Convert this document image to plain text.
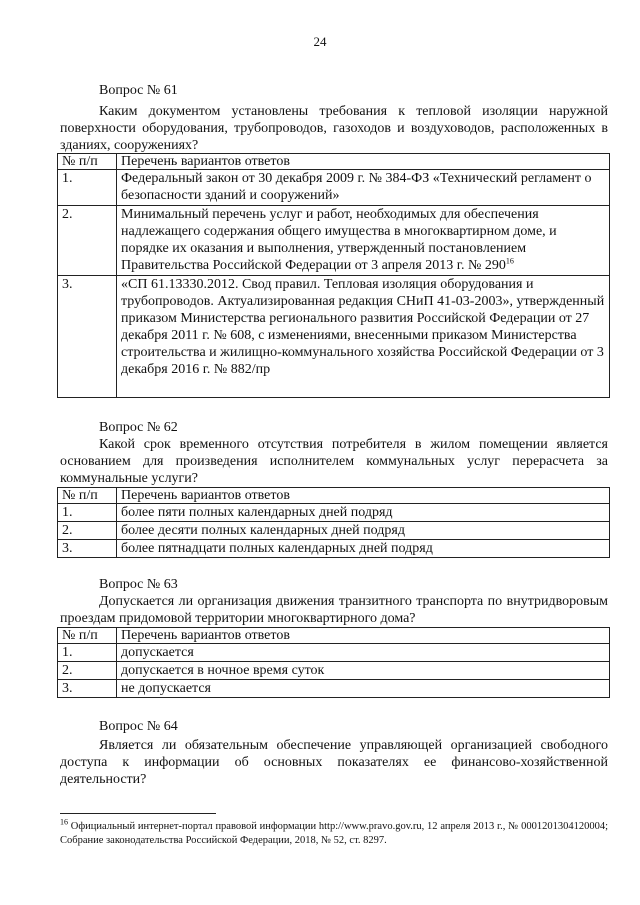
24
Вопрос № 61
Каким документом установлены требования к тепловой изоляции наружной поверхности оборудования, трубопроводов, газоходов и воздуховодов, расположенных в зданиях, сооружениях?
№ п/п	Перечень вариантов ответов
1.	Федеральный закон от 30 декабря 2009 г. № 384-ФЗ «Технический регламент о безопасности зданий и сооружений»
2.	Минимальный перечень услуг и работ, необходимых для обеспечения надлежащего содержания общего имущества в многоквартирном доме, и порядке их оказания и выполнения, утвержденный постановлением Правительства Российской Федерации от 3 апреля 2013 г. № $290^{16}$
3.	«СП 61.13330.2012. Свод правил. Тепловая изоляция оборудования и трубопроводов. Актуализированная редакция СНиП 41-03-2003», утвержденный приказом Министерства регионального развития Российской Федерации от 27 декабря 2011 г. № 608, с изменениями, внесенными приказом Министерства строительства и жилищно-коммунального хозяйства Российской Федерации от 3 декабря 2016 г. № 882/пр
Вопрос № 62
Какой срок временного отсутствия потребителя в жилом помещении является основанием для произведения исполнителем коммунальных услуг перерасчета за коммунальные услуги?
№ п/п	Перечень вариантов ответов
1.	более пяти полных календарных дней подряд
2.	более десяти полных календарных дней подряд
3.	более пятнадцати полных календарных дней подряд
Вопрос № 63
Допускается ли организация движения транзитного транспорта по внутридворовым проездам придомовой территории многоквартирного дома?
№ п/п	Перечень вариантов ответов
1.	допускается
2.	допускается в ночное время суток
3.	не допускается
Вопрос № 64
Является ли обязательным обеспечение управляющей организацией свободного доступа к информации об основных показателях ее финансово-хозяйственной деятельности?
$^{16}$ Официальный интернет-портал правовой информации http://www.pravo.gov.ru, 12 апреля 2013 г., № 0001201304120004; Собрание законодательства Российской Федерации, 2018, № 52, ст. 8297.
